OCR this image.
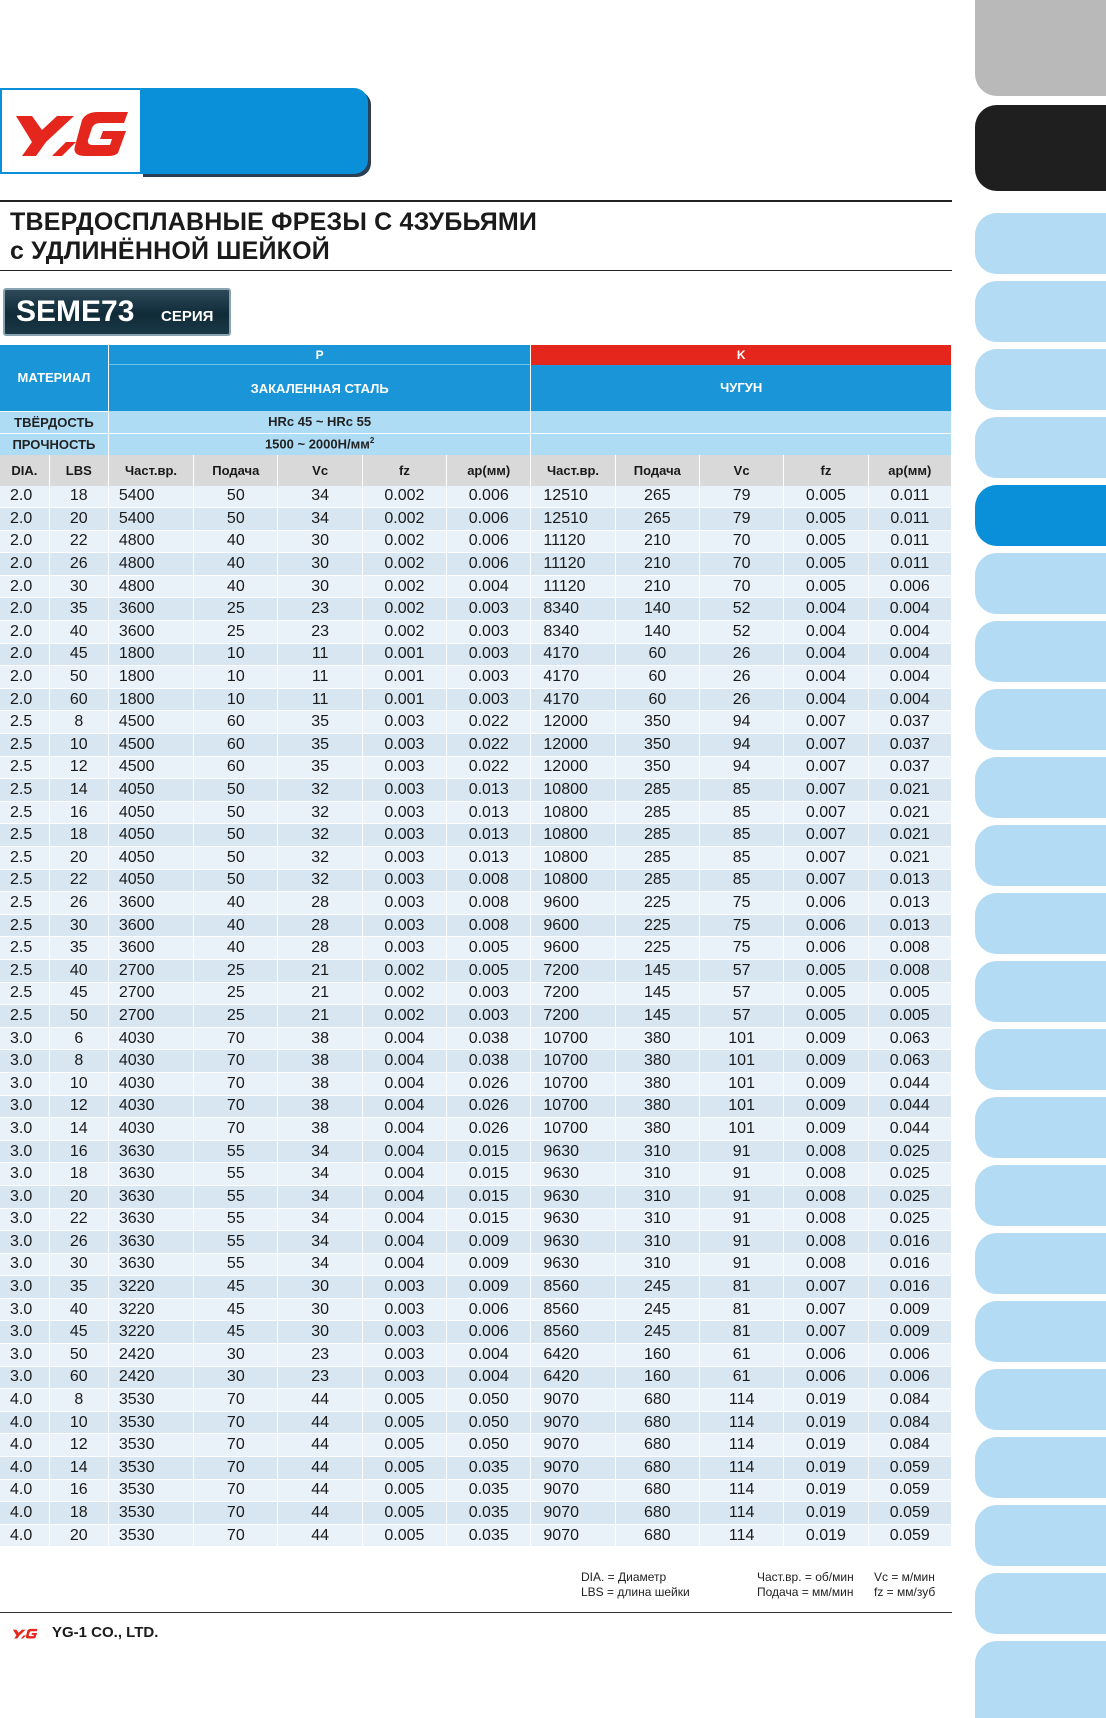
ТВЕРДОСПЛАВНЫЕ ФРЕЗЫ С 4ЗУБЬЯМИ
с УДЛИНЁННОЙ ШЕЙКОЙ
SEME73 СЕРИЯ
МАТЕРИАЛ		P					K				
		ЗАКАЛЕННАЯ СТАЛЬ					ЧУГУН				
ТВЁРДОСТЬ		HRc 45 ~ HRc 55									
ПРОЧНОСТЬ		1500 ~ $2000Н/мм^2$	
DIA.	LBS	Част.вр.	Подача	Vc	fz	ap(мм)	Част.вр.	Подача	Vc	fz	ap(мм)
2.0	18	5400	50	34	0.002	0.006	12510	265	79	0.005	0.011
2.0	20	5400	50	34	0.002	0.006	12510	265	79	0.005	0.011
2.0	22	4800	40	30	0.002	0.006	11120	210	70	0.005	0.011
2.0	26	4800	40	30	0.002	0.006	11120	210	70	0.005	0.011
2.0	30	4800	40	30	0.002	0.004	11120	210	70	0.005	0.006
2.0	35	3600	25	23	0.002	0.003	8340	140	52	0.004	0.004
2.0	40	3600	25	23	0.002	0.003	8340	140	52	0.004	0.004
2.0	45	1800	10	11	0.001	0.003	4170	60	26	0.004	0.004
2.0	50	1800	10	11	0.001	0.003	4170	60	26	0.004	0.004
2.0	60	1800	10	11	0.001	0.003	4170	60	26	0.004	0.004
2.5	8	4500	60	35	0.003	0.022	12000	350	94	0.007	0.037
2.5	10	4500	60	35	0.003	0.022	12000	350	94	0.007	0.037
2.5	12	4500	60	35	0.003	0.022	12000	350	94	0.007	0.037
2.5	14	4050	50	32	0.003	0.013	10800	285	85	0.007	0.021
2.5	16	4050	50	32	0.003	0.013	10800	285	85	0.007	0.021
2.5	18	4050	50	32	0.003	0.013	10800	285	85	0.007	0.021
2.5	20	4050	50	32	0.003	0.013	10800	285	85	0.007	0.021
2.5	22	4050	50	32	0.003	0.008	10800	285	85	0.007	0.013
2.5	26	3600	40	28	0.003	0.008	9600	225	75	0.006	0.013
2.5	30	3600	40	28	0.003	0.008	9600	225	75	0.006	0.013
2.5	35	3600	40	28	0.003	0.005	9600	225	75	0.006	0.008
2.5	40	2700	25	21	0.002	0.005	7200	145	57	0.005	0.008
2.5	45	2700	25	21	0.002	0.003	7200	145	57	0.005	0.005
2.5	50	2700	25	21	0.002	0.003	7200	145	57	0.005	0.005
3.0	6	4030	70	38	0.004	0.038	10700	380	101	0.009	0.063
3.0	8	4030	70	38	0.004	0.038	10700	380	101	0.009	0.063
3.0	10	4030	70	38	0.004	0.026	10700	380	101	0.009	0.044
3.0	12	4030	70	38	0.004	0.026	10700	380	101	0.009	0.044
3.0	14	4030	70	38	0.004	0.026	10700	380	101	0.009	0.044
3.0	16	3630	55	34	0.004	0.015	9630	310	91	0.008	0.025
3.0	18	3630	55	34	0.004	0.015	9630	310	91	0.008	0.025
3.0	20	3630	55	34	0.004	0.015	9630	310	91	0.008	0.025
3.0	22	3630	55	34	0.004	0.015	9630	310	91	0.008	0.025
3.0	26	3630	55	34	0.004	0.009	9630	310	91	0.008	0.016
3.0	30	3630	55	34	0.004	0.009	9630	310	91	0.008	0.016
3.0	35	3220	45	30	0.003	0.009	8560	245	81	0.007	0.016
3.0	40	3220	45	30	0.003	0.006	8560	245	81	0.007	0.009
3.0	45	3220	45	30	0.003	0.006	8560	245	81	0.007	0.009
3.0	50	2420	30	23	0.003	0.004	6420	160	61	0.006	0.006
3.0	60	2420	30	23	0.003	0.004	6420	160	61	0.006	0.006
4.0	8	3530	70	44	0.005	0.050	9070	680	114	0.019	0.084
4.0	10	3530	70	44	0.005	0.050	9070	680	114	0.019	0.084
4.0	12	3530	70	44	0.005	0.050	9070	680	114	0.019	0.084
4.0	14	3530	70	44	0.005	0.035	9070	680	114	0.019	0.059
4.0	16	3530	70	44	0.005	0.035	9070	680	114	0.019	0.059
4.0	18	3530	70	44	0.005	0.035	9070	680	114	0.019	0.059
4.0	20	3530	70	44	0.005	0.035	9070	680	114	0.019	0.059
DIA. = Диаметр
LBS = длина шейки
Част.вр. = об/мин
Подача = мм/мин
Vc = м/мин
fz = мм/зуб
YG-1 CO., LTD.
